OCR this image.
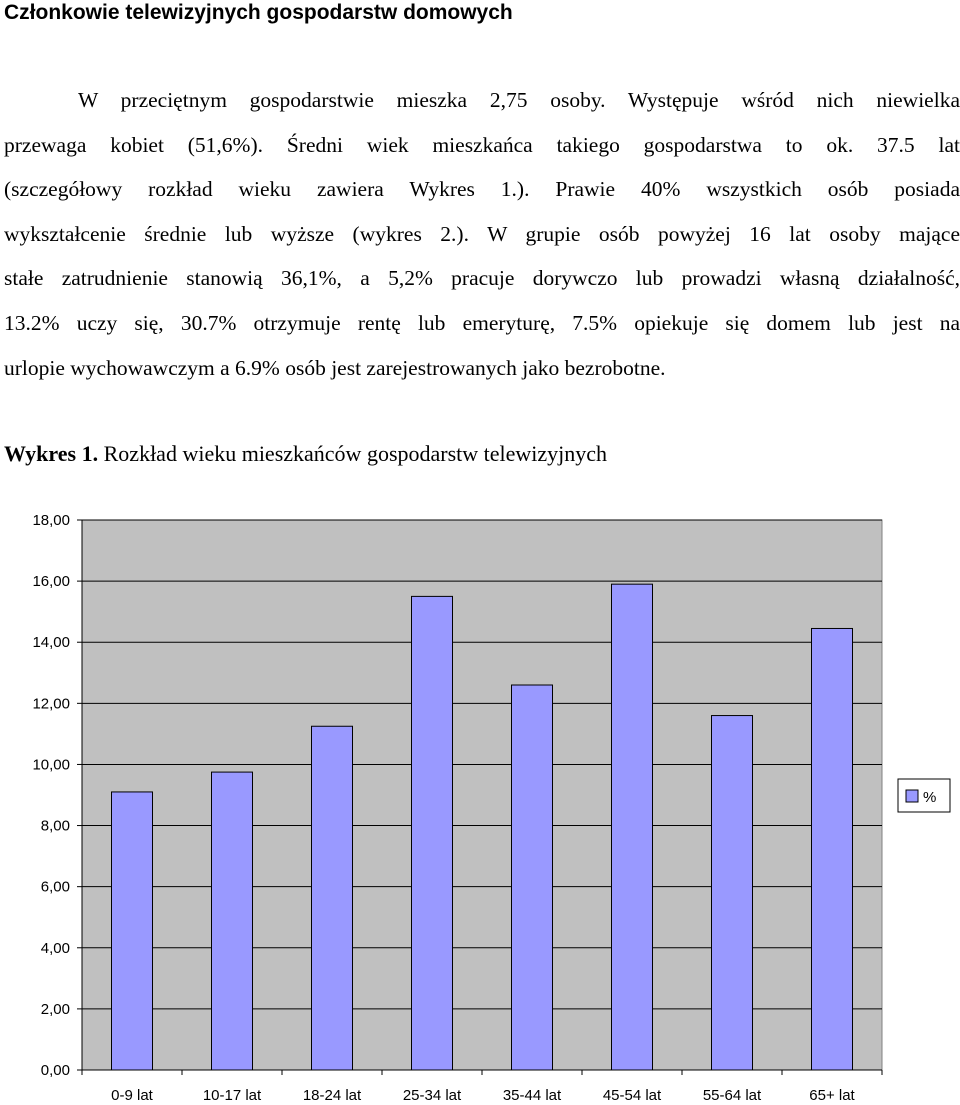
Członkowie telewizyjnych gospodarstw domowych
W przeciętnym gospodarstwie mieszka 2,75 osoby. Występuje wśród nich niewielka
przewaga kobiet (51,6%). Średni wiek mieszkańca takiego gospodarstwa to ok. 37.5 lat
(szczegółowy rozkład wieku zawiera Wykres 1.). Prawie 40% wszystkich osób posiada
wykształcenie średnie lub wyższe (wykres 2.). W grupie osób powyżej 16 lat osoby mające
stałe zatrudnienie stanowią 36,1%, a 5,2% pracuje dorywczo lub prowadzi własną działalność,
13.2% uczy się, 30.7% otrzymuje rentę lub emeryturę, 7.5% opiekuje się domem lub jest na
urlopie wychowawczym a 6.9% osób jest zarejestrowanych jako bezrobotne.
Wykres 1. Rozkład wieku mieszkańców gospodarstw telewizyjnych
0,00
2,00
4,00
6,00
8,00
10,00
12,00
14,00
16,00
18,00
0-9 lat	10-17 lat	18-24 lat	25-34 lat	35-44 lat	45-54 lat	55-64 lat	65+ lat
%
